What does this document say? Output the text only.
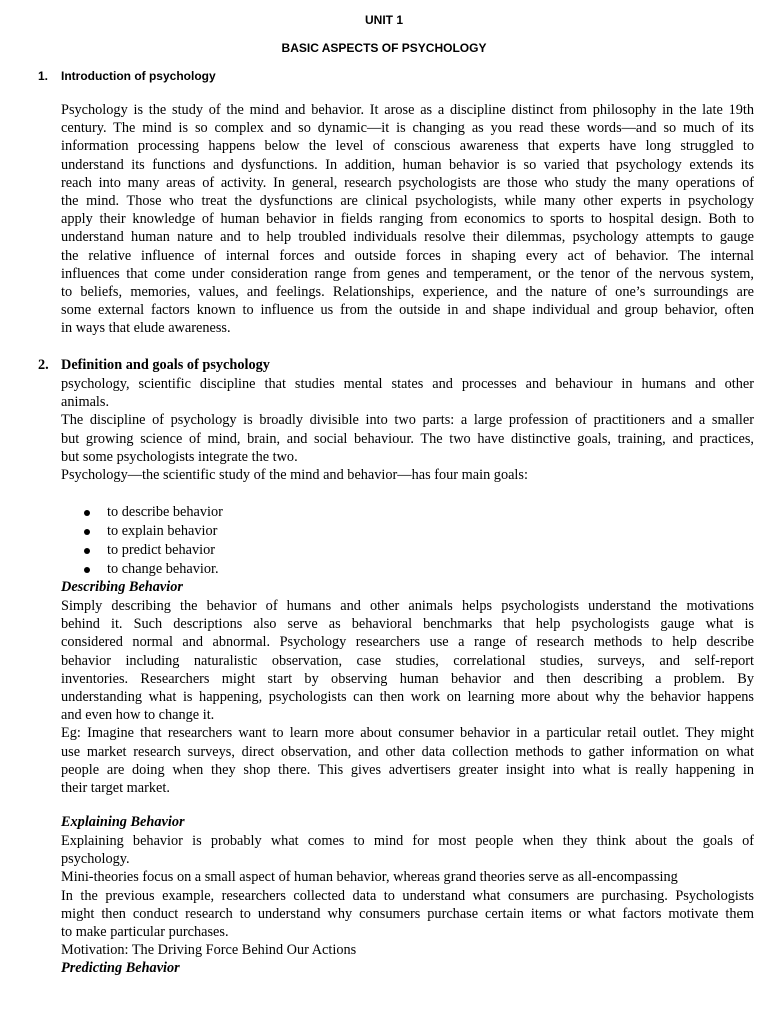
UNIT 1
BASIC ASPECTS OF PSYCHOLOGY
1. Introduction of psychology
Psychology is the study of the mind and behavior. It arose as a discipline distinct from philosophy in the late 19th
century. The mind is so complex and so dynamic—it is changing as you read these words—and so much of its
information processing happens below the level of conscious awareness that experts have long struggled to
understand its functions and dysfunctions. In addition, human behavior is so varied that psychology extends its
reach into many areas of activity. In general, research psychologists are those who study the many operations of
the mind. Those who treat the dysfunctions are clinical psychologists, while many other experts in psychology
apply their knowledge of human behavior in fields ranging from economics to sports to hospital design. Both to
understand human nature and to help troubled individuals resolve their dilemmas, psychology attempts to gauge
the relative influence of internal forces and outside forces in shaping every act of behavior. The internal
influences that come under consideration range from genes and temperament, or the tenor of the nervous system,
to beliefs, memories, values, and feelings. Relationships, experience, and the nature of one’s surroundings are
some external factors known to influence us from the outside in and shape individual and group behavior, often
in ways that elude awareness.
2. Definition and goals of psychology
psychology, scientific discipline that studies mental states and processes and behaviour in humans and other
animals.
The discipline of psychology is broadly divisible into two parts: a large profession of practitioners and a smaller
but growing science of mind, brain, and social behaviour. The two have distinctive goals, training, and practices,
but some psychologists integrate the two.
Psychology—the scientific study of the mind and behavior—has four main goals:
to describe behavior
to explain behavior
to predict behavior
to change behavior.
Describing Behavior
Simply describing the behavior of humans and other animals helps psychologists understand the motivations
behind it. Such descriptions also serve as behavioral benchmarks that help psychologists gauge what is
considered normal and abnormal. Psychology researchers use a range of research methods to help describe
behavior including naturalistic observation, case studies, correlational studies, surveys, and self-report
inventories. Researchers might start by observing human behavior and then describing a problem. By
understanding what is happening, psychologists can then work on learning more about why the behavior happens
and even how to change it.
Eg: Imagine that researchers want to learn more about consumer behavior in a particular retail outlet. They might
use market research surveys, direct observation, and other data collection methods to gather information on what
people are doing when they shop there. This gives advertisers greater insight into what is really happening in
their target market.
Explaining Behavior
Explaining behavior is probably what comes to mind for most people when they think about the goals of
psychology.
Mini-theories focus on a small aspect of human behavior, whereas grand theories serve as all-encompassing
In the previous example, researchers collected data to understand what consumers are purchasing. Psychologists
might then conduct research to understand why consumers purchase certain items or what factors motivate them
to make particular purchases.
Motivation: The Driving Force Behind Our Actions
Predicting Behavior
